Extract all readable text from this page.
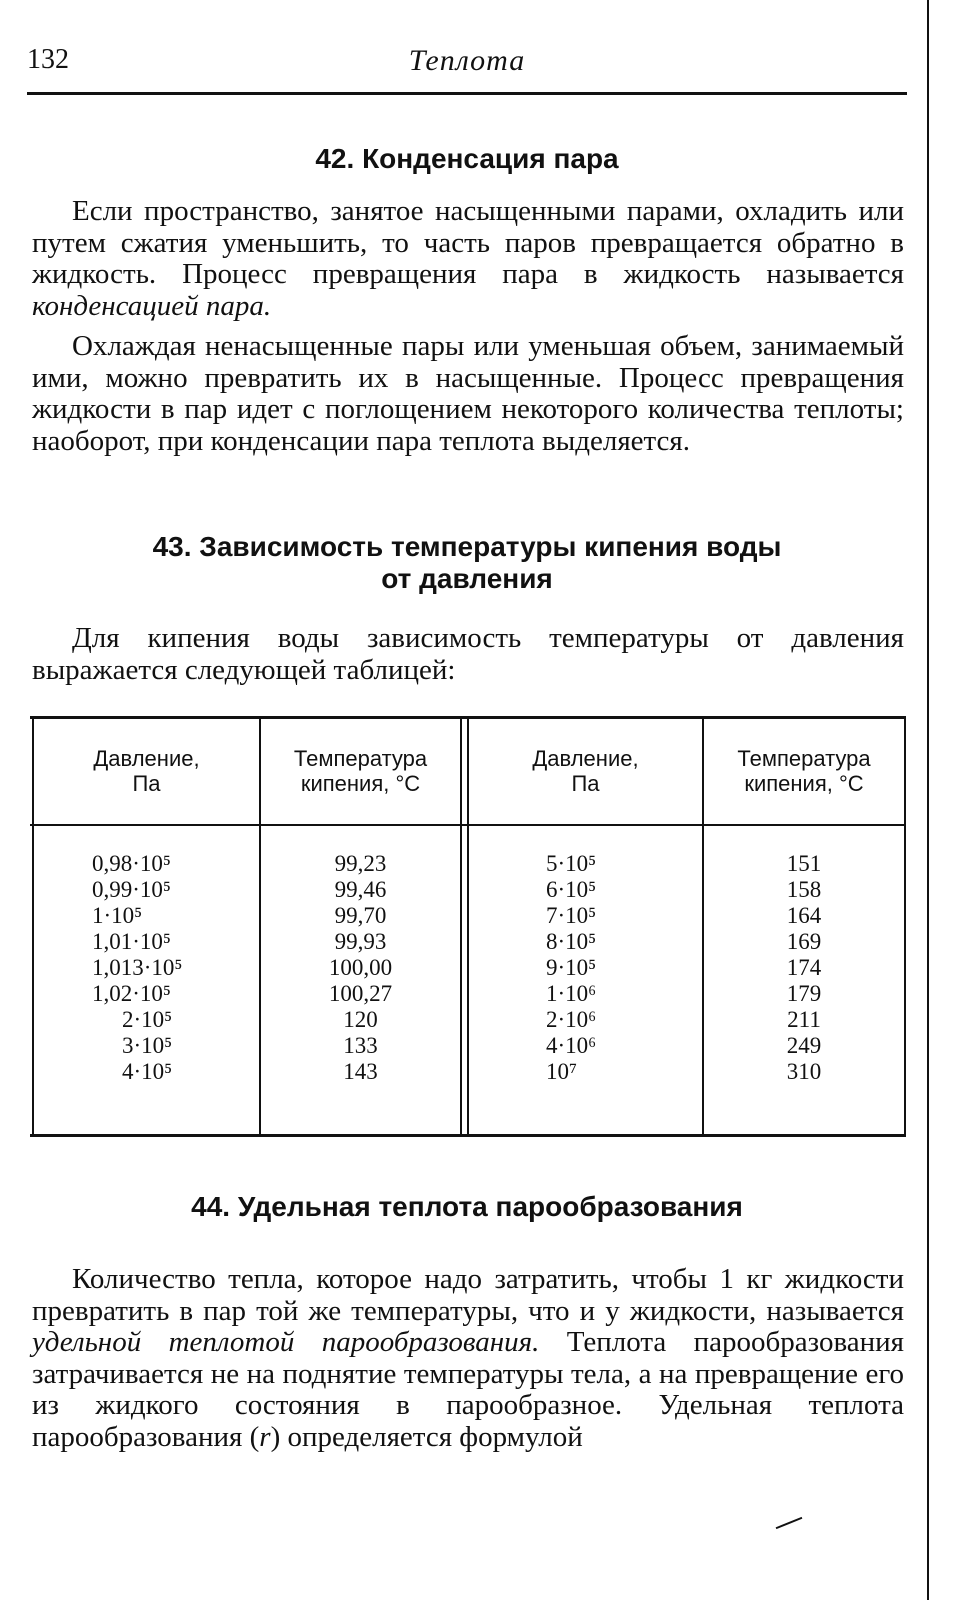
132	Теплота
42. Конденсация пара

Если пространство, занятое насыщенными парами, охладить или путем сжатия уменьшить, то часть паров превращается обратно в жидкость. Процесс превращения пара в жидкость называется конденсацией пара.

Охлаждая ненасыщенные пары или уменьшая объем, занимаемый ими, можно превратить их в насыщенные. Процесс превращения жидкости в пар идет с поглощением некоторого количества теплоты; наоборот, при конденсации пара теплота выделяется.

43. Зависимость температуры кипения воды
от давления

Для кипения воды зависимость температуры от давления выражается следующей таблицей:

Давление,
Па
Температура
кипения, °C
Давление,
Па
Температура
кипения, °C
0,98·10⁵
0,99·10⁵
1·10⁵
1,01·10⁵
1,013·10⁵
1,02·10⁵
2·10⁵
3·10⁵
4·10⁵
99,23
99,46
99,70
99,93
100,00
100,27
120
133
143
5·10⁵
6·10⁵
7·10⁵
8·10⁵
9·10⁵
1·10⁶
2·10⁶
4·10⁶
10⁷
151
158
164
169
174
179
211
249
310
44. Удельная теплота парообразования

Количество тепла, которое надо затратить, чтобы 1 кг жидкости превратить в пар той же температуры, что и у жидкости, называется удельной теплотой парообразования. Теплота парообразования затрачивается не на поднятие температуры тела, а на превращение его из жидкого состояния в парообразное. Удельная теплота парообразования (r) определяется формулой
